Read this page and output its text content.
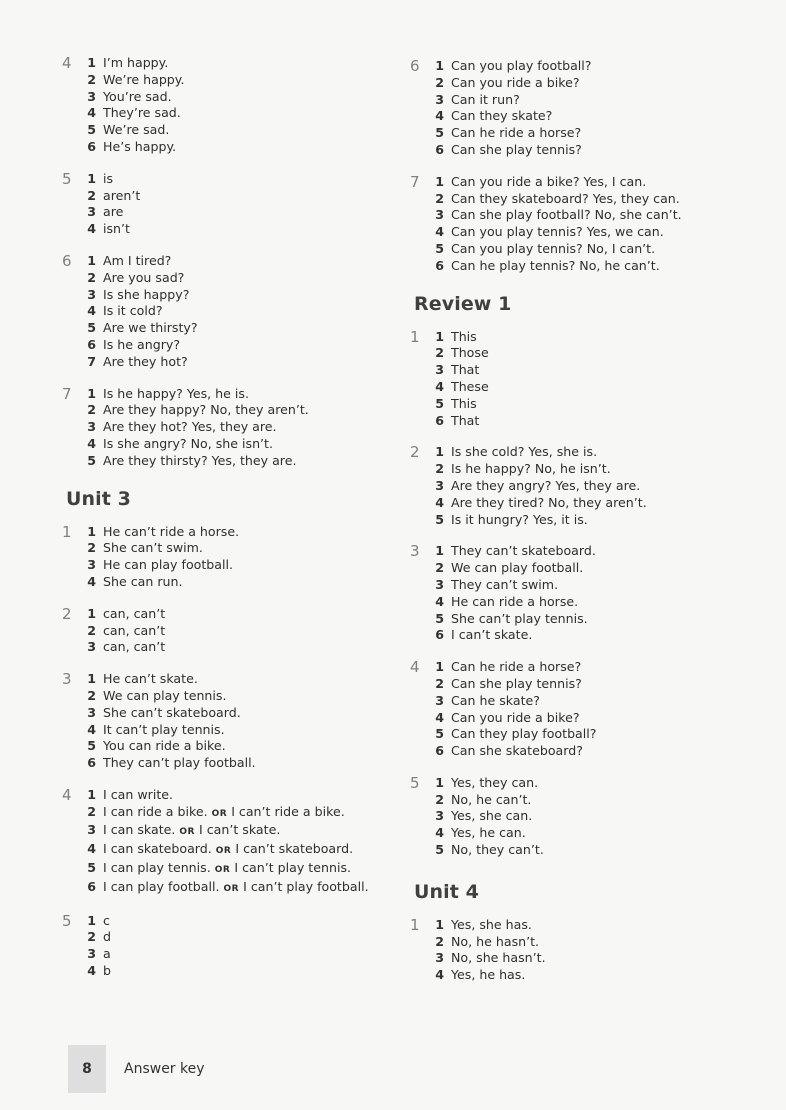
4	1 I’m happy.
2 We’re happy.
3 You’re sad.
4 They’re sad.
5 We’re sad.
6 He’s happy.
5	1 is
2 aren’t
3 are
4 isn’t
6	1 Am I tired?
2 Are you sad?
3 Is she happy?
4 Is it cold?
5 Are we thirsty?
6 Is he angry?
7 Are they hot?
7	1 Is he happy? Yes, he is.
2 Are they happy? No, they aren’t.
3 Are they hot? Yes, they are.
4 Is she angry? No, she isn’t.
5 Are they thirsty? Yes, they are.
Unit 3
1	1 He can’t ride a horse.
2 She can’t swim.
3 He can play football.
4 She can run.
2	1 can, can’t
2 can, can’t
3 can, can’t
3	1 He can’t skate.
2 We can play tennis.
3 She can’t skateboard.
4 It can’t play tennis.
5 You can ride a bike.
6 They can’t play football.
4	1 I can write.
2 I can ride a bike. OR I can’t ride a bike.
3 I can skate. OR I can’t skate.
4 I can skateboard. OR I can’t skateboard.
5 I can play tennis. OR I can’t play tennis.
6 I can play football. OR I can’t play football.
5	1 c
2 d
3 a
4 b
6	1 Can you play football?
2 Can you ride a bike?
3 Can it run?
4 Can they skate?
5 Can he ride a horse?
6 Can she play tennis?
7	1 Can you ride a bike? Yes, I can.
2 Can they skateboard? Yes, they can.
3 Can she play football? No, she can’t.
4 Can you play tennis? Yes, we can.
5 Can you play tennis? No, I can’t.
6 Can he play tennis? No, he can’t.
Review 1
1	1 This
2 Those
3 That
4 These
5 This
6 That
2	1 Is she cold? Yes, she is.
2 Is he happy? No, he isn’t.
3 Are they angry? Yes, they are.
4 Are they tired? No, they aren’t.
5 Is it hungry? Yes, it is.
3	1 They can’t skateboard.
2 We can play football.
3 They can’t swim.
4 He can ride a horse.
5 She can’t play tennis.
6 I can’t skate.
4	1 Can he ride a horse?
2 Can she play tennis?
3 Can he skate?
4 Can you ride a bike?
5 Can they play football?
6 Can she skateboard?
5	1 Yes, they can.
2 No, he can’t.
3 Yes, she can.
4 Yes, he can.
5 No, they can’t.
Unit 4
1	1 Yes, she has.
2 No, he hasn’t.
3 No, she hasn’t.
4 Yes, he has.
8	Answer key
